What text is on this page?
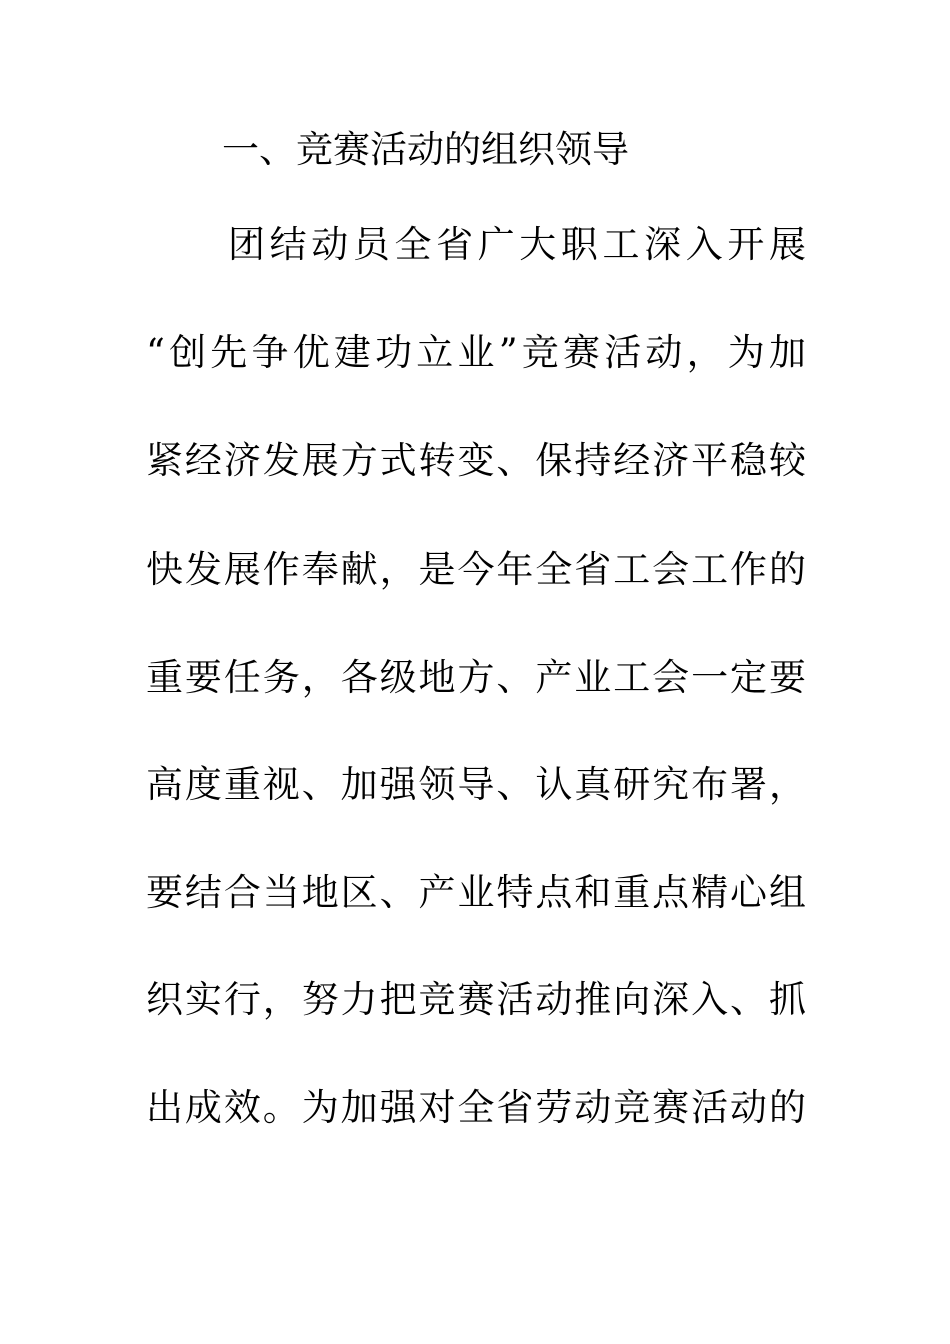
一、竞赛活动的组织领导
团结动员全省广大职工深入开展
“创先争优建功立业”竞赛活动，为加
紧经济发展方式转变、保持经济平稳较
快发展作奉献，是今年全省工会工作的
重要任务，各级地方、产业工会一定要
高度重视、加强领导、认真研究布署，
要结合当地区、产业特点和重点精心组
织实行，努力把竞赛活动推向深入、抓
出成效。为加强对全省劳动竞赛活动的
